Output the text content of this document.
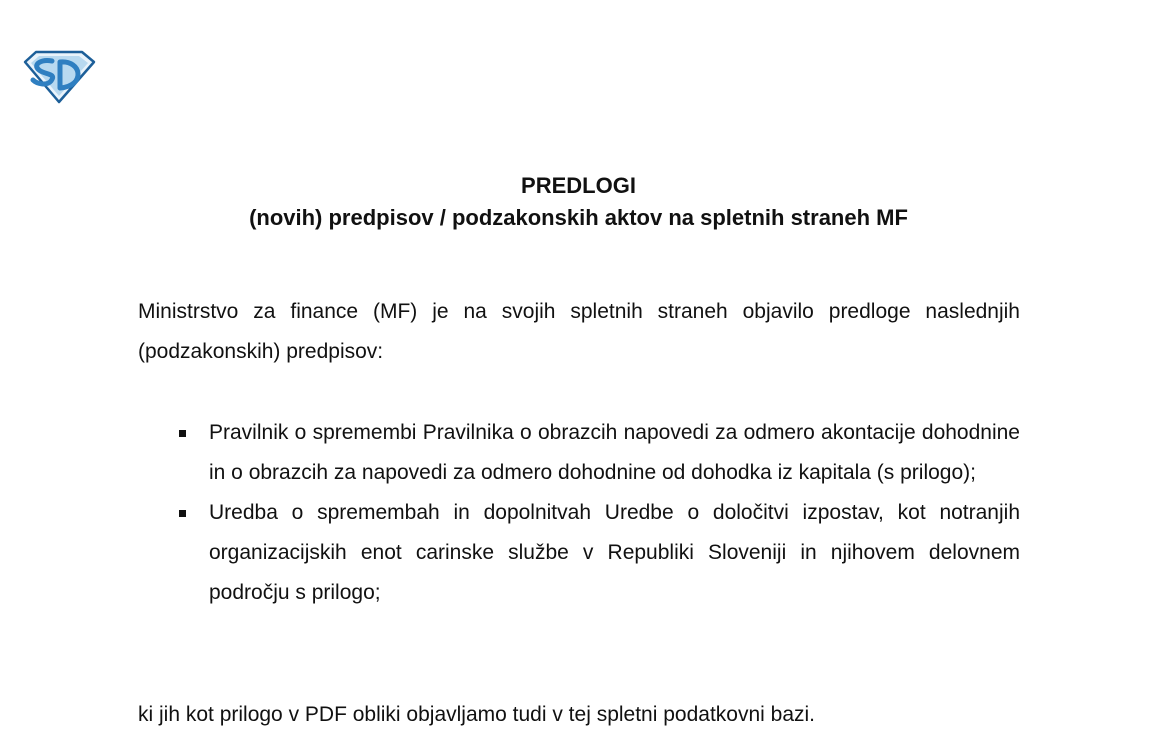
PREDLOGI
(novih) predpisov / podzakonskih aktov na spletnih straneh MF
Ministrstvo za finance (MF) je na svojih spletnih straneh objavilo predloge naslednjih (podzakonskih) predpisov:
Pravilnik o spremembi Pravilnika o obrazcih napovedi za odmero akontacije dohodnine in o obrazcih za napovedi za odmero dohodnine od dohodka iz kapitala (s prilogo);
Uredba o spremembah in dopolnitvah Uredbe o določitvi izpostav, kot notranjih organizacijskih enot carinske službe v Republiki Sloveniji in njihovem delovnem področju s prilogo;
ki jih kot prilogo v PDF obliki objavljamo tudi v tej spletni podatkovni bazi.
